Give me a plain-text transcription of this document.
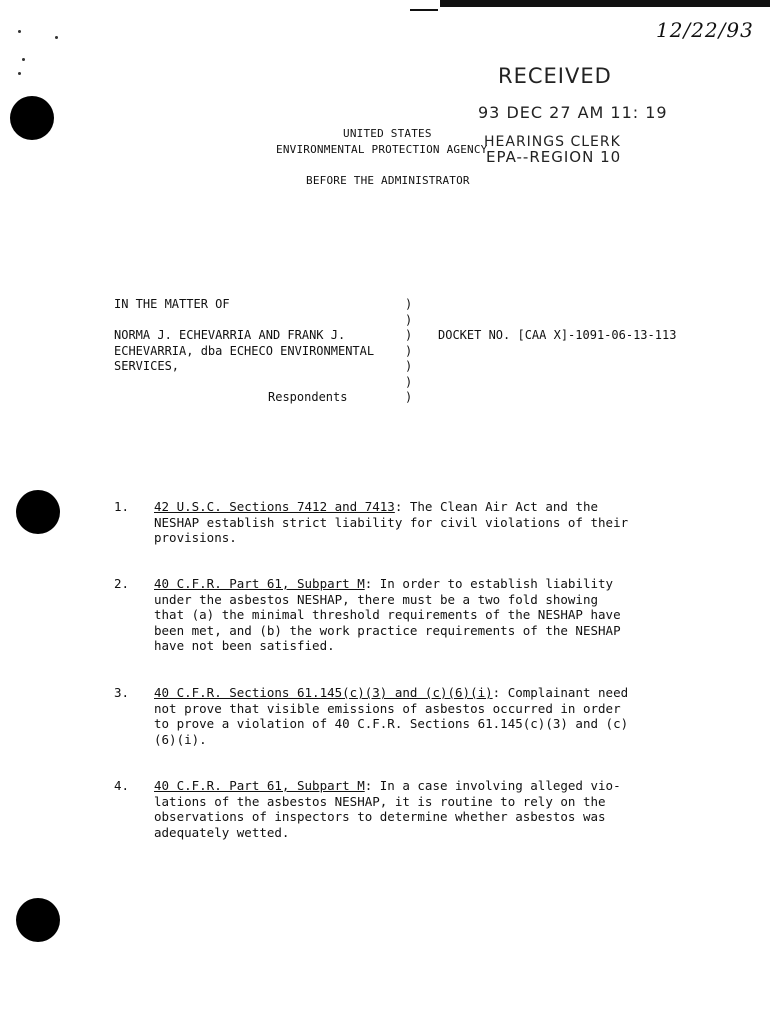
12/22/93
RECEIVED
93 DEC 27 AM 11: 19
HEARINGS CLERK
EPA--REGION 10
UNITED STATES
ENVIRONMENTAL PROTECTION AGENCY
BEFORE THE ADMINISTRATOR
IN THE MATTER OF
NORMA J. ECHEVARRIA AND FRANK J.
ECHEVARRIA, dba ECHECO ENVIRONMENTAL
SERVICES,
Respondents
)
)
)
)
)
)
)
DOCKET NO. [CAA X]-1091-06-13-113
1. 42 U.S.C. Sections 7412 and 7413: The Clean Air Act and the
NESHAP establish strict liability for civil violations of their
provisions.
2. 40 C.F.R. Part 61, Subpart M: In order to establish liability
under the asbestos NESHAP, there must be a two fold showing
that (a) the minimal threshold requirements of the NESHAP have
been met, and (b) the work practice requirements of the NESHAP
have not been satisfied.
3. 40 C.F.R. Sections 61.145(c)(3) and (c)(6)(i): Complainant need
not prove that visible emissions of asbestos occurred in order
to prove a violation of 40 C.F.R. Sections 61.145(c)(3) and (c)
(6)(i).
4. 40 C.F.R. Part 61, Subpart M: In a case involving alleged vio-
lations of the asbestos NESHAP, it is routine to rely on the
observations of inspectors to determine whether asbestos was
adequately wetted.
